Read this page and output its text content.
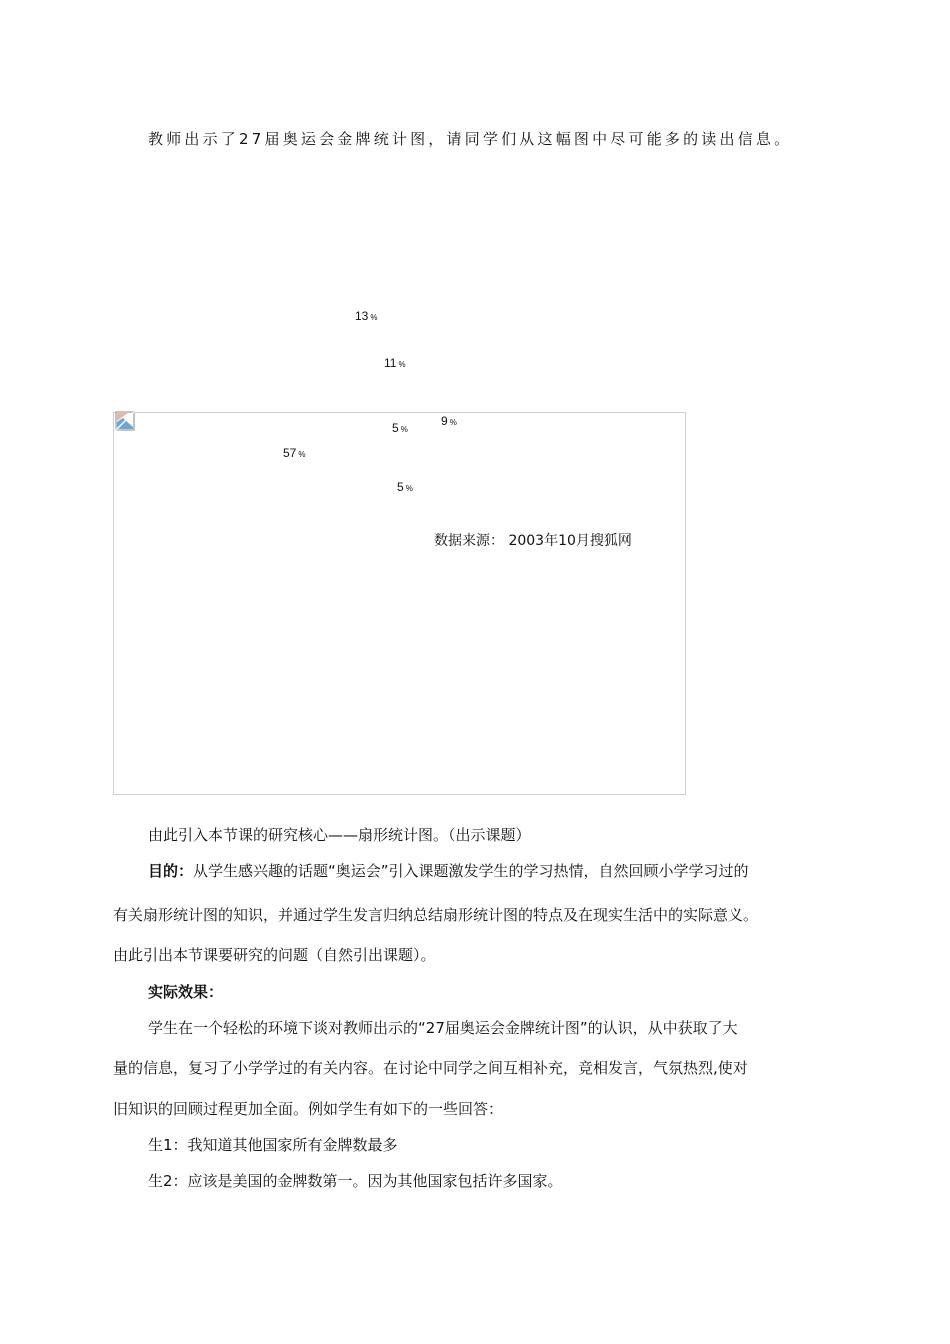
教师出示了27届奥运会金牌统计图，请同学们从这幅图中尽可能多的读出信息。
13 %
11 %
9 %
5 %
57 %
5 %
数据来源： 2003年10月搜狐网
由此引入本节课的研究核心——扇形统计图。（出示课题）
目的：从学生感兴趣的话题“奥运会”引入课题激发学生的学习热情，自然回顾小学学习过的
有关扇形统计图的知识，并通过学生发言归纳总结扇形统计图的特点及在现实生活中的实际意义。
由此引出本节课要研究的问题（自然引出课题）。
实际效果：
学生在一个轻松的环境下谈对教师出示的“27届奥运会金牌统计图”的认识，从中获取了大
量的信息，复习了小学学过的有关内容。在讨论中同学之间互相补充，竞相发言，气氛热烈,使对
旧知识的回顾过程更加全面。例如学生有如下的一些回答：
生1：我知道其他国家所有金牌数最多
生2：应该是美国的金牌数第一。因为其他国家包括许多国家。
